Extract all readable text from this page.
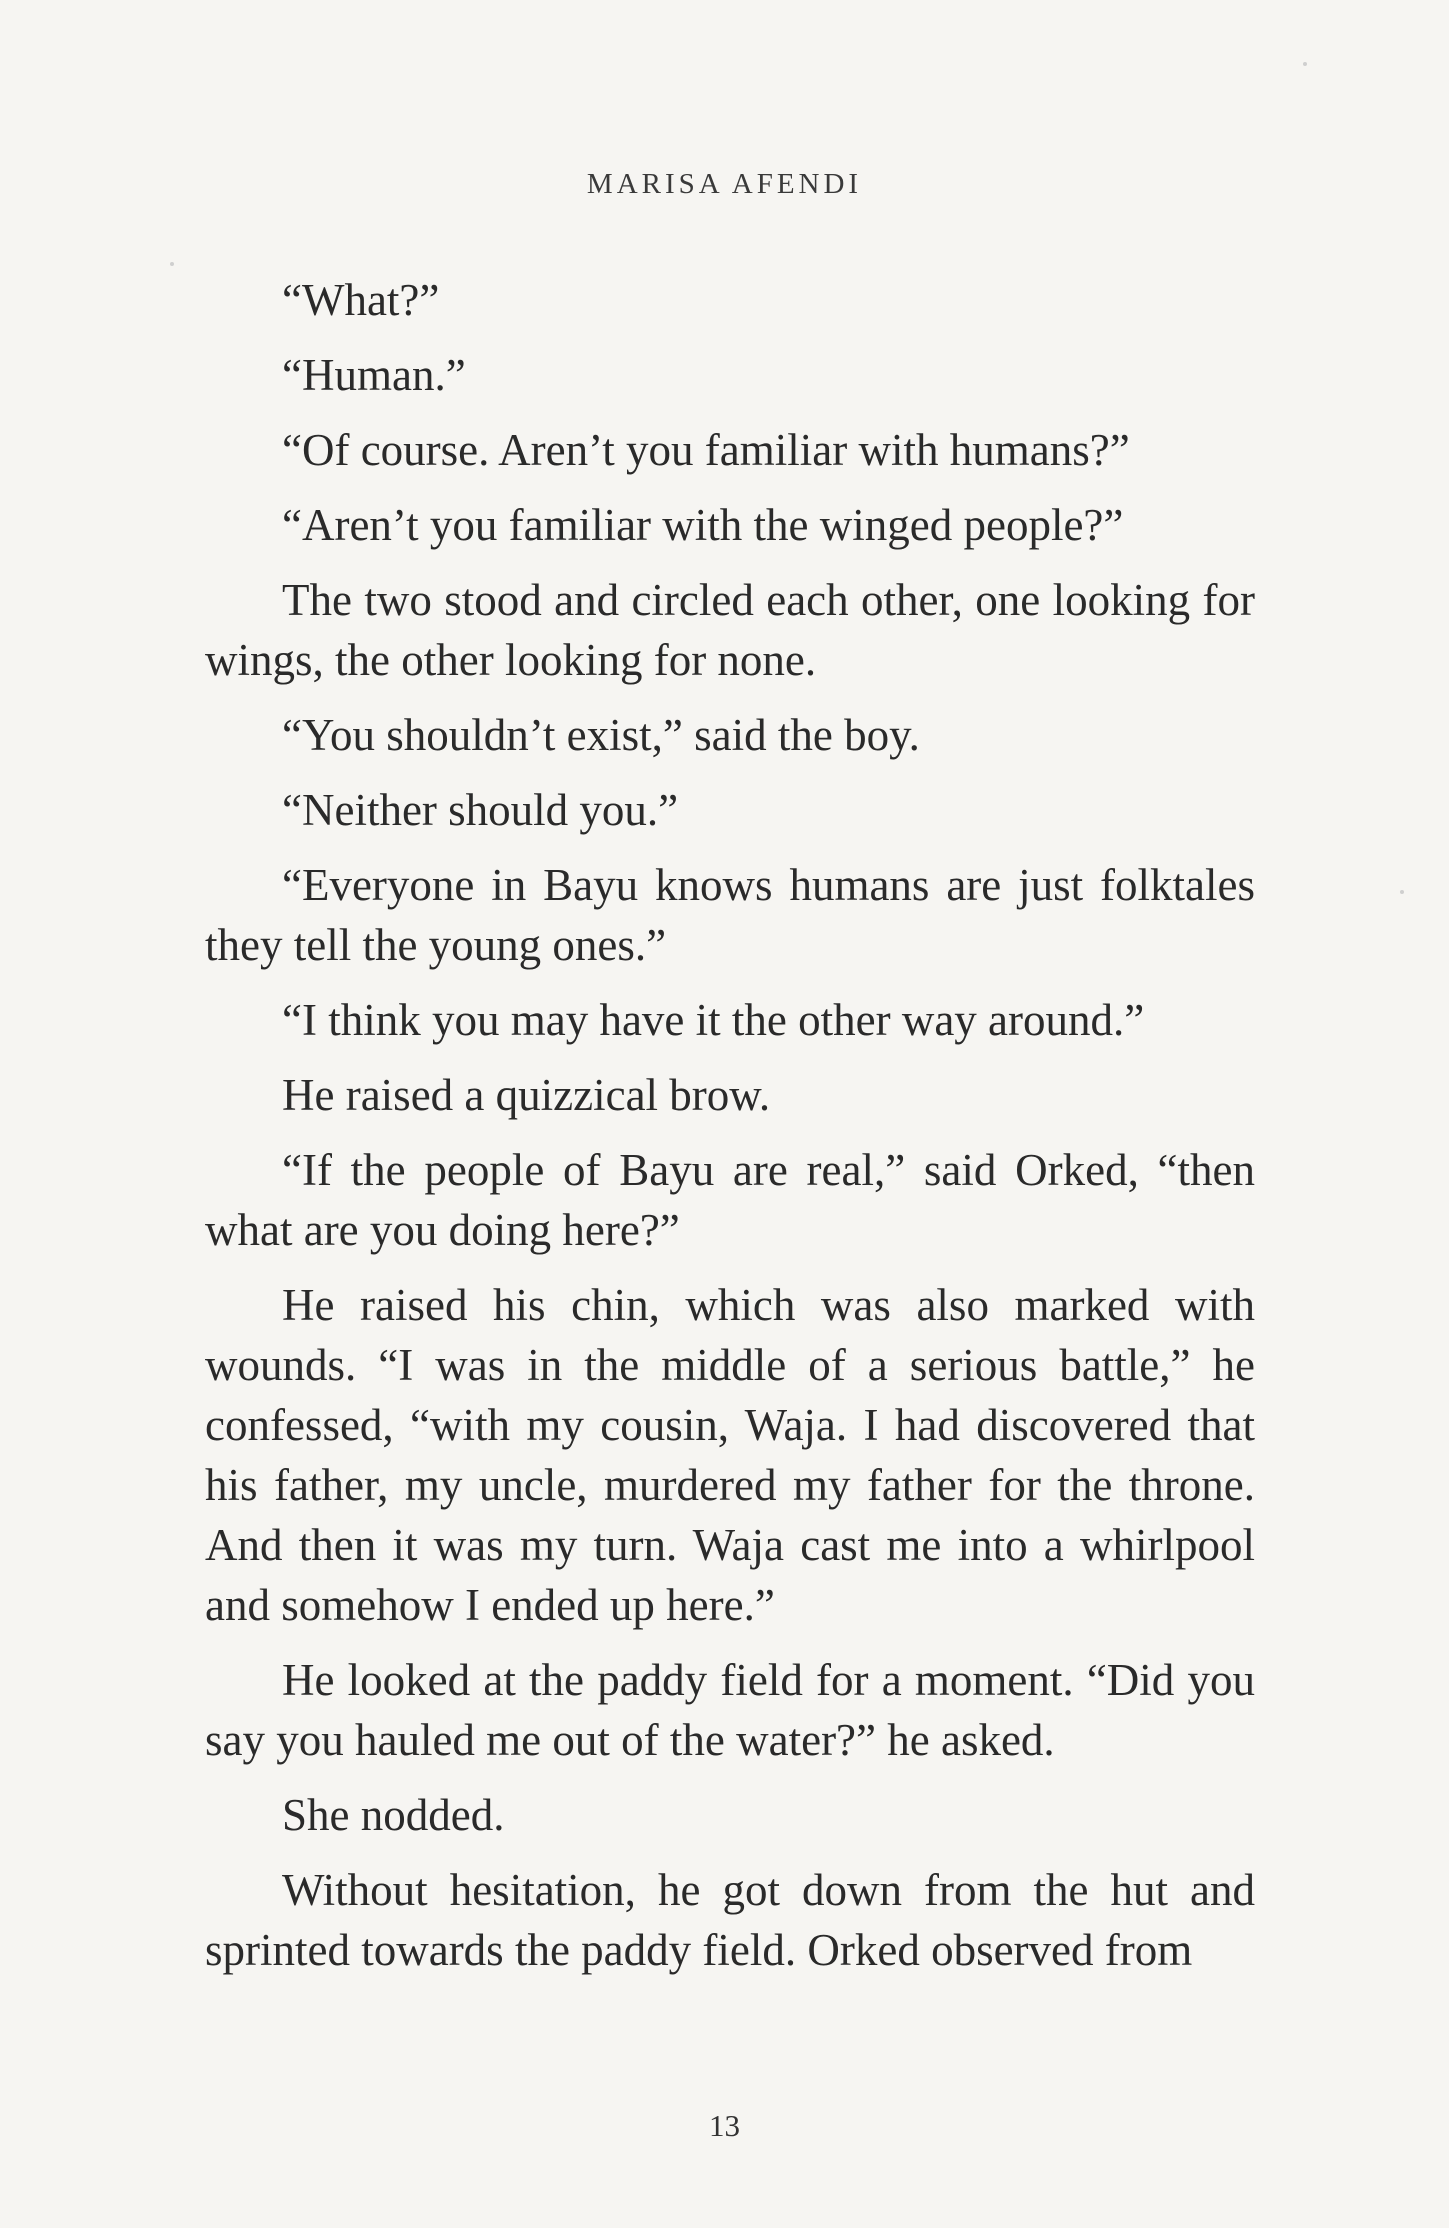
MARISA AFENDI

“What?”

“Human.”

“Of course. Aren’t you familiar with humans?”

“Aren’t you familiar with the winged people?”

The two stood and circled each other, one looking for wings, the other looking for none.

“You shouldn’t exist,” said the boy.

“Neither should you.”

“Everyone in Bayu knows humans are just folktales they tell the young ones.”

“I think you may have it the other way around.”

He raised a quizzical brow.

“If the people of Bayu are real,” said Orked, “then what are you doing here?”

He raised his chin, which was also marked with wounds. “I was in the middle of a serious battle,” he confessed, “with my cousin, Waja. I had discovered that his father, my uncle, murdered my father for the throne. And then it was my turn. Waja cast me into a whirlpool and somehow I ended up here.”

He looked at the paddy field for a moment. “Did you say you hauled me out of the water?” he asked.

She nodded.

Without hesitation, he got down from the hut and sprinted towards the paddy field. Orked observed from

13
